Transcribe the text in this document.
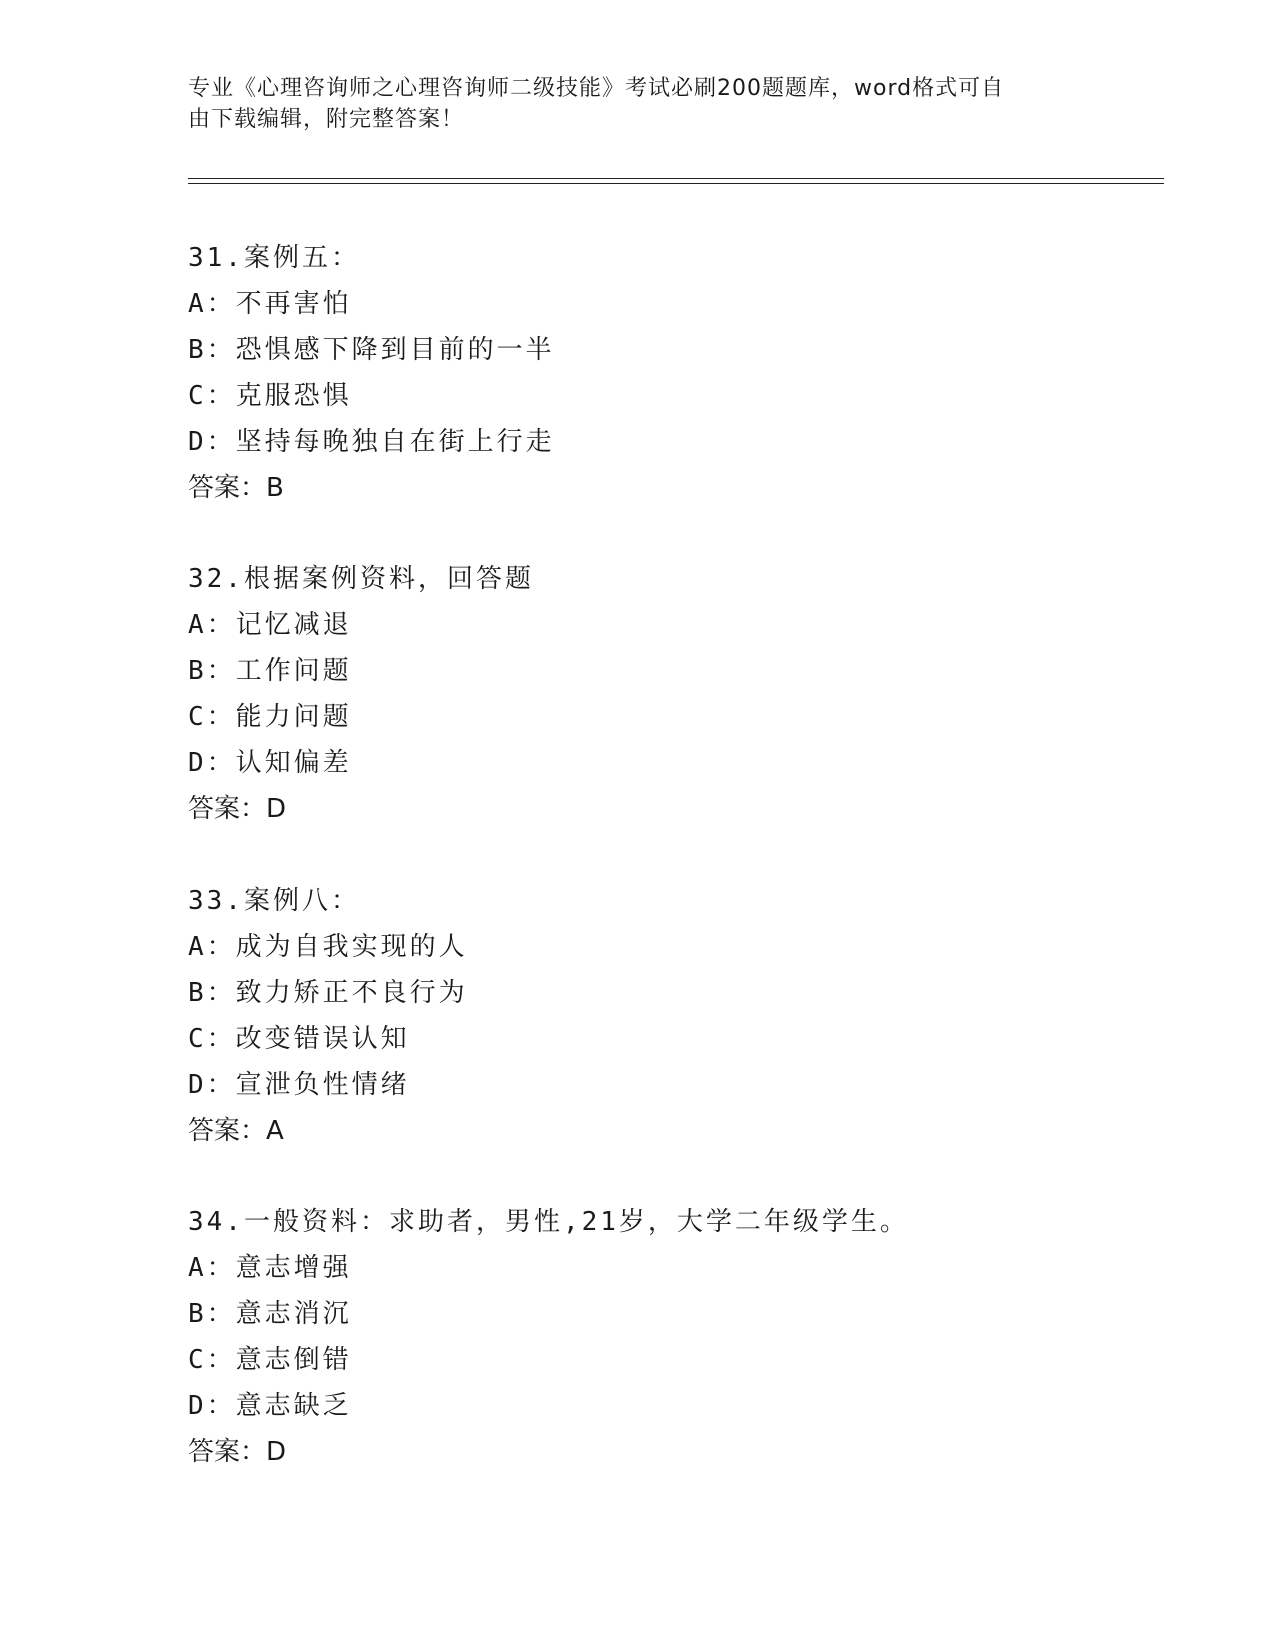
专业《心理咨询师之心理咨询师二级技能》考试必刷200题题库，word格式可自
由下载编辑，附完整答案！
31.案例五：
A：不再害怕
B：恐惧感下降到目前的一半
C：克服恐惧
D：坚持每晚独自在街上行走
答案：B
32.根据案例资料，回答题
A：记忆减退
B：工作问题
C：能力问题
D：认知偏差
答案：D
33.案例八：
A：成为自我实现的人
B：致力矫正不良行为
C：改变错误认知
D：宣泄负性情绪
答案：A
34.一般资料：求助者，男性,21岁，大学二年级学生。
A：意志增强
B：意志消沉
C：意志倒错
D：意志缺乏
答案：D
